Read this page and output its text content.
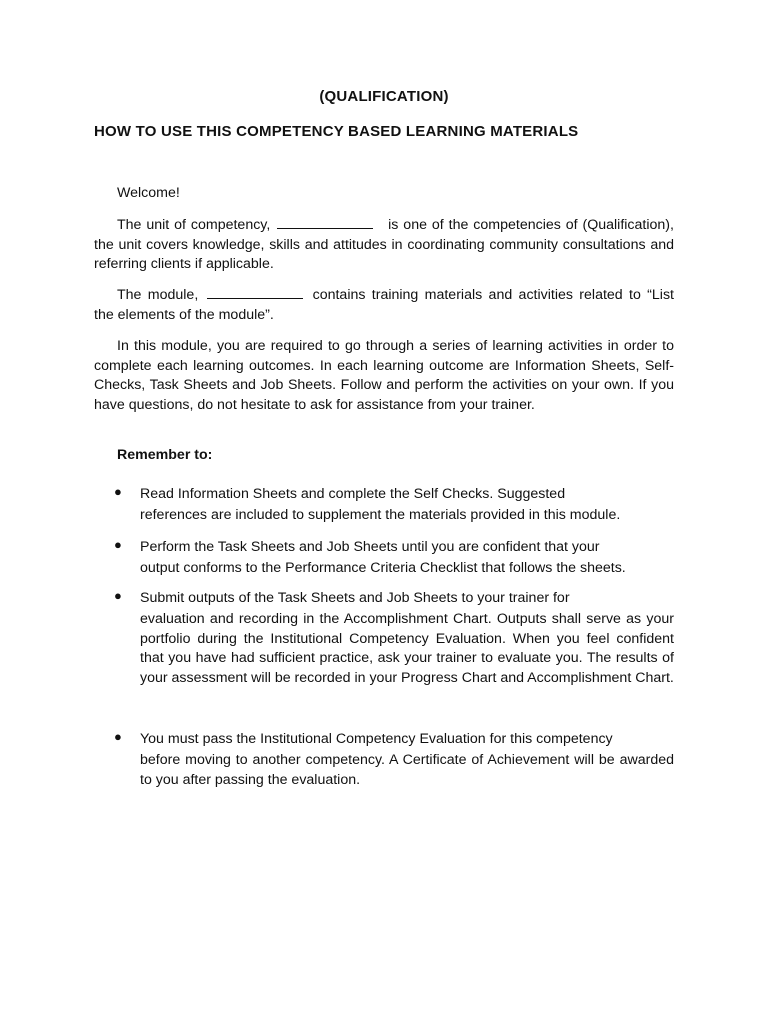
(QUALIFICATION)
HOW TO USE THIS COMPETENCY BASED LEARNING MATERIALS

Welcome!

The unit of competency,	is one of the competencies of (Qualification), the unit covers knowledge, skills and attitudes in coordinating community consultations and referring clients if applicable.

The module,	contains training materials and activities related to “List the elements of the module”.

In this module, you are required to go through a series of learning activities in order to complete each learning outcomes. In each learning outcome are Information Sheets, Self-Checks, Task Sheets and Job Sheets. Follow and perform the activities on your own. If you have questions, do not hesitate to ask for assistance from your trainer.

Remember to:
● Read Information Sheets and complete the Self Checks. Suggested
references are included to supplement the materials provided in this module.
● Perform the Task Sheets and Job Sheets until you are confident that your
output conforms to the Performance Criteria Checklist that follows the sheets.
● Submit outputs of the Task Sheets and Job Sheets to your trainer for
evaluation and recording in the Accomplishment Chart. Outputs shall serve as your portfolio during the Institutional Competency Evaluation. When you feel confident that you have had sufficient practice, ask your trainer to evaluate you. The results of your assessment will be recorded in your Progress Chart and Accomplishment Chart.
● You must pass the Institutional Competency Evaluation for this competency
before moving to another competency. A Certificate of Achievement will be awarded to you after passing the evaluation.
